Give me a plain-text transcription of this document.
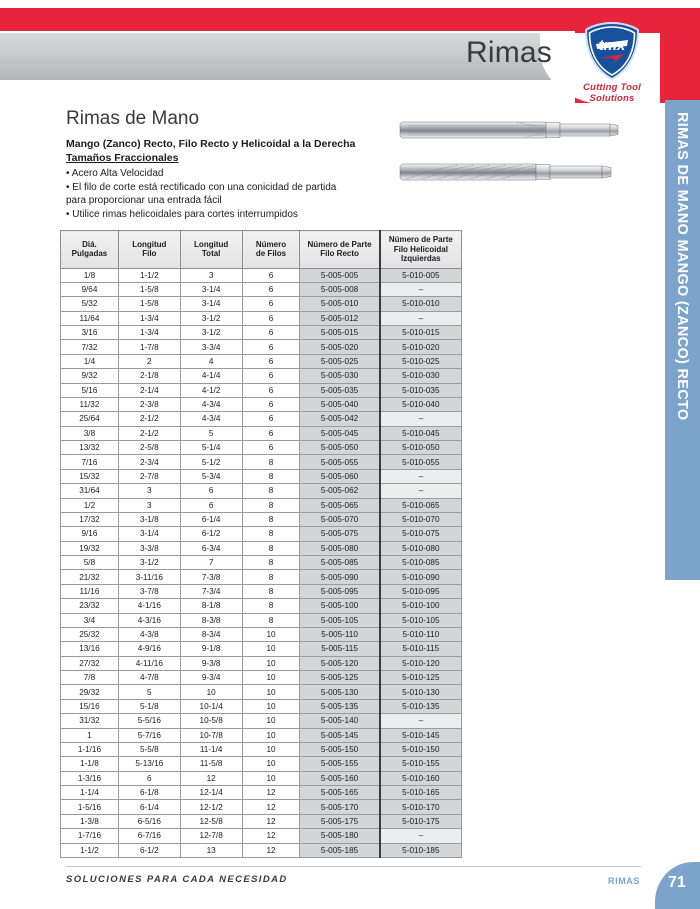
Rimas	tmx
Cutting Tool
Solutions
RIMAS DE MANO MANGO (ZANCO) RECTO
Rimas de Mano
Mango (Zanco) Recto, Filo Recto y Helicoidal a la Derecha
Tamaños Fraccionales
• Acero Alta Velocidad
• El filo de corte está rectificado con una conicidad de partida
para proporcionar una entrada fácil
• Utilice rimas helicoidales para cortes interrumpidos
Diá.
Pulgadas

Longitud
Filo

Longitud
Total

Número
de Filos

Número de Parte
Filo Recto

Número de Parte
Filo Helicoidal
Izquierdas

1/8	1-1/2	3	6	5-005-005	5-010-005
9/64	1-5/8	3-1/4	6	5-005-008	–
5/32	1-5/8	3-1/4	6	5-005-010	5-010-010
11/64	1-3/4	3-1/2	6	5-005-012	–
3/16	1-3/4	3-1/2	6	5-005-015	5-010-015
7/32	1-7/8	3-3/4	6	5-005-020	5-010-020
1/4	2	4	6	5-005-025	5-010-025
9/32	2-1/8	4-1/4	6	5-005-030	5-010-030
5/16	2-1/4	4-1/2	6	5-005-035	5-010-035
11/32	2-3/8	4-3/4	6	5-005-040	5-010-040
25/64	2-1/2	4-3/4	6	5-005-042	–
3/8	2-1/2	5	6	5-005-045	5-010-045
13/32	2-5/8	5-1/4	6	5-005-050	5-010-050
7/16	2-3/4	5-1/2	8	5-005-055	5-010-055
15/32	2-7/8	5-3/4	8	5-005-060	–
31/64	3	6	8	5-005-062	–
1/2	3	6	8	5-005-065	5-010-065
17/32	3-1/8	6-1/4	8	5-005-070	5-010-070
9/16	3-1/4	6-1/2	8	5-005-075	5-010-075
19/32	3-3/8	6-3/4	8	5-005-080	5-010-080
5/8	3-1/2	7	8	5-005-085	5-010-085
21/32	3-11/16	7-3/8	8	5-005-090	5-010-090
11/16	3-7/8	7-3/4	8	5-005-095	5-010-095
23/32	4-1/16	8-1/8	8	5-005-100	5-010-100
3/4	4-3/16	8-3/8	8	5-005-105	5-010-105
25/32	4-3/8	8-3/4	10	5-005-110	5-010-110
13/16	4-9/16	9-1/8	10	5-005-115	5-010-115
27/32	4-11/16	9-3/8	10	5-005-120	5-010-120
7/8	4-7/8	9-3/4	10	5-005-125	5-010-125
29/32	5	10	10	5-005-130	5-010-130
15/16	5-1/8	10-1/4	10	5-005-135	5-010-135
31/32	5-5/16	10-5/8	10	5-005-140	–
1	5-7/16	10-7/8	10	5-005-145	5-010-145
1-1/16	5-5/8	11-1/4	10	5-005-150	5-010-150
1-1/8	5-13/16	11-5/8	10	5-005-155	5-010-155
1-3/16	6	12	10	5-005-160	5-010-160
1-1/4	6-1/8	12-1/4	12	5-005-165	5-010-165
1-5/16	6-1/4	12-1/2	12	5-005-170	5-010-170
1-3/8	6-5/16	12-5/8	12	5-005-175	5-010-175
1-7/16	6-7/16	12-7/8	12	5-005-180	–
1-1/2	6-1/2	13	12	5-005-185	5-010-185
SOLUCIONES PARA CADA NECESIDAD	RIMAS 71
